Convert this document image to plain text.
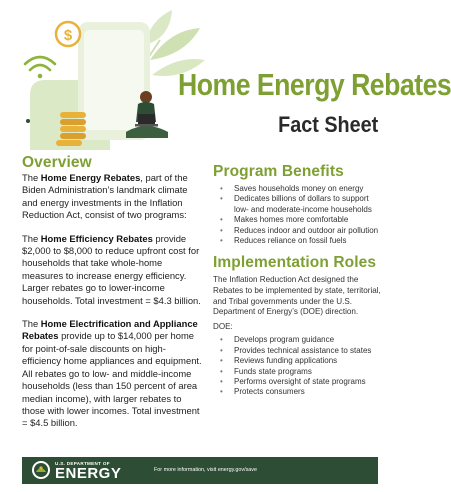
$
Home Energy Rebates
Fact Sheet
Overview

The Home Energy Rebates, part of the Biden Administration’s landmark climate and energy investments in the Inflation Reduction Act, consist of two programs:

The Home Efficiency Rebates provide $2,000 to $8,000 to reduce upfront cost for households that take whole-home measures to increase energy efficiency. Larger rebates go to lower-income households. Total investment = $4.3 billion.

The Home Electrification and Appliance Rebates provide up to $14,000 per home for point-of-sale discounts on high-efficiency home appliances and equipment. All rebates go to low- and middle-income households (less than 150 percent of area median income), with larger rebates to those with lower incomes. Total investment = $4.5 billion.

Program Benefits
• Saves households money on energy
• Dedicates billions of dollars to support low- and moderate-income households
• Makes homes more comfortable
• Reduces indoor and outdoor air pollution
• Reduces reliance on fossil fuels
Implementation Roles

The Inflation Reduction Act designed the Rebates to be implemented by state, territorial, and Tribal governments under the U.S. Department of Energy’s (DOE) direction.

DOE:

• Develops program guidance
• Provides technical assistance to states
• Reviews funding applications
• Funds state programs
• Performs oversight of state programs
• Protects consumers
U.S. DEPARTMENT OF
ENERGY	For more information, visit energy.gov/save
